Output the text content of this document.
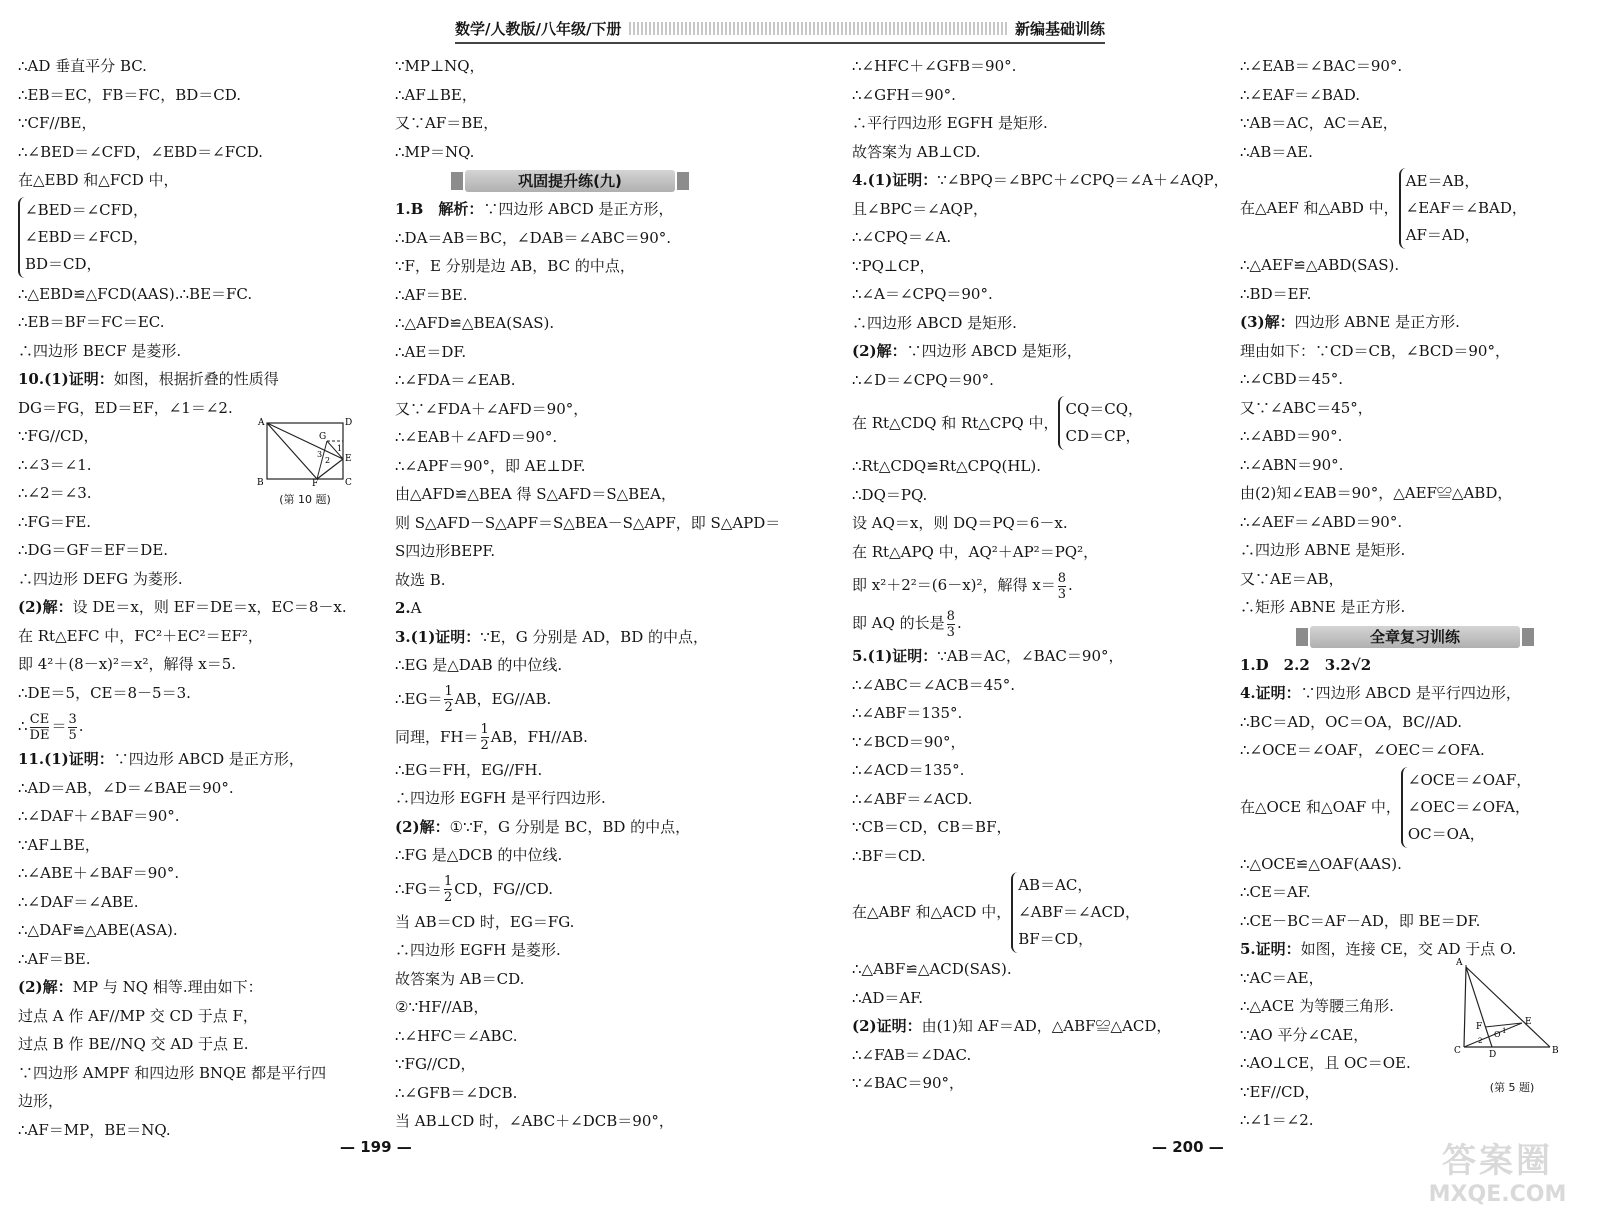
数学/人教版/八年级/下册	新编基础训练
∴AD 垂直平分 BC.
∴EB＝EC，FB＝FC，BD＝CD.
∵CF//BE，
∴∠BED＝∠CFD，∠EBD＝∠FCD.
在△EBD 和△FCD 中，
∠BED＝∠CFD，
∠EBD＝∠FCD，
BD＝CD，
∴△EBD≌△FCD(AAS).∴BE＝FC.
∴EB＝BF＝FC＝EC.
∴四边形 BECF 是菱形.
10.(1)证明：如图，根据折叠的性质得
DG＝FG，ED＝EF，∠1＝∠2.
∵FG//CD，
∴∠3＝∠1.
∴∠2＝∠3.
∴FG＝FE.
∴DG＝GF＝EF＝DE.
∴四边形 DEFG 为菱形.
(2)解：设 DE＝x，则 EF＝DE＝x，EC＝8－x.
在 Rt△EFC 中，FC²＋EC²＝EF²，
即 4²＋(8－x)²＝x²，解得 x＝5.
∴DE＝5，CE＝8－5＝3.
∴ $\frac{CE}{DE} = \frac{3}{5}$ .
11.(1)证明：∵四边形 ABCD 是正方形，
∴AD＝AB，∠D＝∠BAE＝90°.
∴∠DAF＋∠BAF＝90°.
∵AF⊥BE，
∴∠ABE＋∠BAF＝90°.
∴∠DAF＝∠ABE.
∴△DAF≌△ABE(ASA).
∴AF＝BE.
(2)解：MP 与 NQ 相等.理由如下：
过点 A 作 AF//MP 交 CD 于点 F，
过点 B 作 BE//NQ 交 AD 于点 E.
∵四边形 AMPF 和四边形 BNQE 都是平行四
边形，
∴AF＝MP，BE＝NQ.
∵MP⊥NQ，
∴AF⊥BE，
又∵AF＝BE，
∴MP＝NQ.
巩固提升练(九)
1.B　解析：∵四边形 ABCD 是正方形，
∴DA＝AB＝BC，∠DAB＝∠ABC＝90°.
∵F，E 分别是边 AB，BC 的中点，
∴AF＝BE.
∴△AFD≌△BEA(SAS).
∴AE＝DF.
∴∠FDA＝∠EAB.
又∵∠FDA＋∠AFD＝90°，
∴∠EAB＋∠AFD＝90°.
∴∠APF＝90°，即 AE⊥DF.
由△AFD≌△BEA 得 S△AFD＝S△BEA，
则 S△AFD－S△APF＝S△BEA－S△APF，即 S△APD＝
S四边形BEPF.
故选 B.
2.A
3.(1)证明：∵E，G 分别是 AD，BD 的中点，
∴EG 是△DAB 的中位线.
∴EG＝ $\frac{1}{2}$ AB，EG//AB.
同理，$FH= \frac{1}{2}$ AB，FH//AB.
∴EG＝FH，EG//FH.
∴四边形 EGFH 是平行四边形.
(2)解：①∵F，G 分别是 BC，BD 的中点，
∴FG 是△DCB 的中位线.
∴FG＝ $\frac{1}{2}$ CD，FG//CD.
当 AB＝CD 时，EG＝FG.
∴四边形 EGFH 是菱形.
故答案为 AB＝CD.
②∵HF//AB，
∴∠HFC＝∠ABC.
∵FG//CD，
∴∠GFB＝∠DCB.
当 AB⊥CD 时，∠ABC＋∠DCB＝90°，
∴∠HFC＋∠GFB＝90°.
∴∠GFH＝90°.
∴平行四边形 EGFH 是矩形.
故答案为 AB⊥CD.
4.(1)证明：∵∠BPQ＝∠BPC＋∠CPQ＝∠A＋∠AQP，
且∠BPC＝∠AQP，
∴∠CPQ＝∠A.
∵PQ⊥CP，
∴∠A＝∠CPQ＝90°.
∴四边形 ABCD 是矩形.
(2)解：∵四边形 ABCD 是矩形，
∴∠D＝∠CPQ＝90°.
在 Rt△CDQ 和 Rt△CPQ 中，
CQ＝CQ，
CD＝CP，
∴Rt△CDQ≌Rt△CPQ(HL).
∴DQ＝PQ.
设 AQ＝x，则 DQ＝PQ＝6－x.
在 Rt△APQ 中，AQ²＋AP²＝PQ²，
即 x²＋2²＝(6－x)²，解得 $x= \frac{8}{3}$ .
即 AQ 的长是 $\frac{8}{3}$ .
5.(1)证明：∵AB＝AC，∠BAC＝90°，
∴∠ABC＝∠ACB＝45°.
∴∠ABF＝135°.
∵∠BCD＝90°，
∴∠ACD＝135°.
∴∠ABF＝∠ACD.
∵CB＝CD，CB＝BF，
∴BF＝CD.
在△ABF 和△ACD 中，
AB＝AC，
∠ABF＝∠ACD，
BF＝CD，
∴△ABF≌△ACD(SAS).
∴AD＝AF.
(2)证明：由(1)知 AF＝AD，△ABF≌△ACD，
∴∠FAB＝∠DAC.
∵∠BAC＝90°，
∴∠EAB＝∠BAC＝90°.
∴∠EAF＝∠BAD.
∵AB＝AC，AC＝AE，
∴AB＝AE.
在△AEF 和△ABD 中，
AE＝AB，
∠EAF＝∠BAD，
AF＝AD，
∴△AEF≌△ABD(SAS).
∴BD＝EF.
(3)解：四边形 ABNE 是正方形.
理由如下：∵CD＝CB，∠BCD＝90°，
∴∠CBD＝45°.
又∵∠ABC＝45°，
∴∠ABD＝90°.
∴∠ABN＝90°.
由(2)知∠EAB＝90°，△AEF≌△ABD，
∴∠AEF＝∠ABD＝90°.
∴四边形 ABNE 是矩形.
又∵AE＝AB，
∴矩形 ABNE 是正方形.
全章复习训练
1.D　2.2　3.2√2
4.证明：∵四边形 ABCD 是平行四边形，
∴BC＝AD，OC＝OA，BC//AD.
∴∠OCE＝∠OAF，∠OEC＝∠OFA.
在△OCE 和△OAF 中，
∠OCE＝∠OAF，
∠OEC＝∠OFA，
OC＝OA，
∴△OCE≌△OAF(AAS).
∴CE＝AF.
∴CE－BC＝AF－AD，即 BE＝DF.
5.证明：如图，连接 CE，交 AD 于点 O.
∵AC＝AE，
∴△ACE 为等腰三角形.
∵AO 平分∠CAE，
∴AO⊥CE，且 OC＝OE.
∵EF//CD，
∴∠1＝∠2.
A	D
G
F
E
B	C
1
2
3
(第 10 题)
A
E
F
O
C	D	B
1
2
(第 5 题)
— 199 —	— 200 —	答案圈
MXQE.COM
